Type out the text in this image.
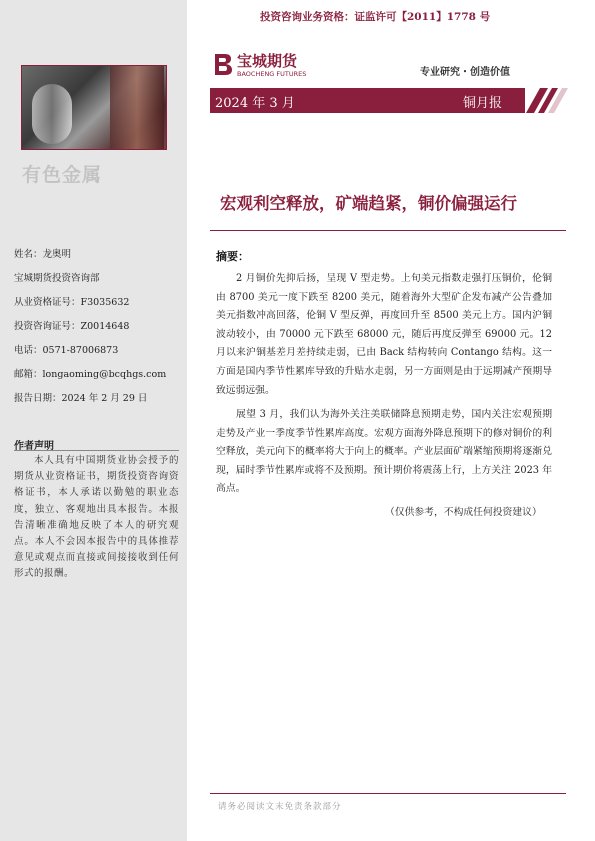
有色金属
姓名：龙奥明
宝城期货投资咨询部
从业资格证号：F3035632
投资咨询证号：Z0014648
电话：0571-87006873
邮箱：longaoming@bcqhgs.com
报告日期：2024 年 2 月 29 日
作者声明
本人具有中国期货业协会授予的期货从业资格证书，期货投资咨询资格证书，本人承诺以勤勉的职业态度，独立、客观地出具本报告。本报告清晰准确地反映了本人的研究观点。本人不会因本报告中的具体推荐意见或观点而直接或间接接收到任何形式的报酬。
投资咨询业务资格：证监许可【2011】1778 号
宝城期货
BAOCHENG FUTURES	专业研究・创造价值
2024 年 3 月	铜月报
宏观利空释放，矿端趋紧，铜价偏强运行
摘要：

2 月铜价先抑后扬，呈现 V 型走势。上旬美元指数走强打压铜价，伦铜由 8700 美元一度下跌至 8200 美元，随着海外大型矿企发布减产公告叠加美元指数冲高回落，伦铜 V 型反弹，再度回升至 8500 美元上方。国内沪铜波动较小，由 70000 元下跌至 68000 元，随后再度反弹至 69000 元。12 月以来沪铜基差月差持续走弱，已由 Back 结构转向 Contango 结构。这一方面是国内季节性累库导致的升贴水走弱，另一方面则是由于远期减产预期导致远弱远强。

展望 3 月，我们认为海外关注美联储降息预期走势，国内关注宏观预期走势及产业一季度季节性累库高度。宏观方面海外降息预期下的修对铜价的利空释放，美元向下的概率将大于向上的概率。产业层面矿端紧缩预期将逐渐兑现，届时季节性累库或将不及预期。预计期价将震荡上行，上方关注 2023 年高点。

（仅供参考，不构成任何投资建议）
请务必阅读文末免责条款部分
